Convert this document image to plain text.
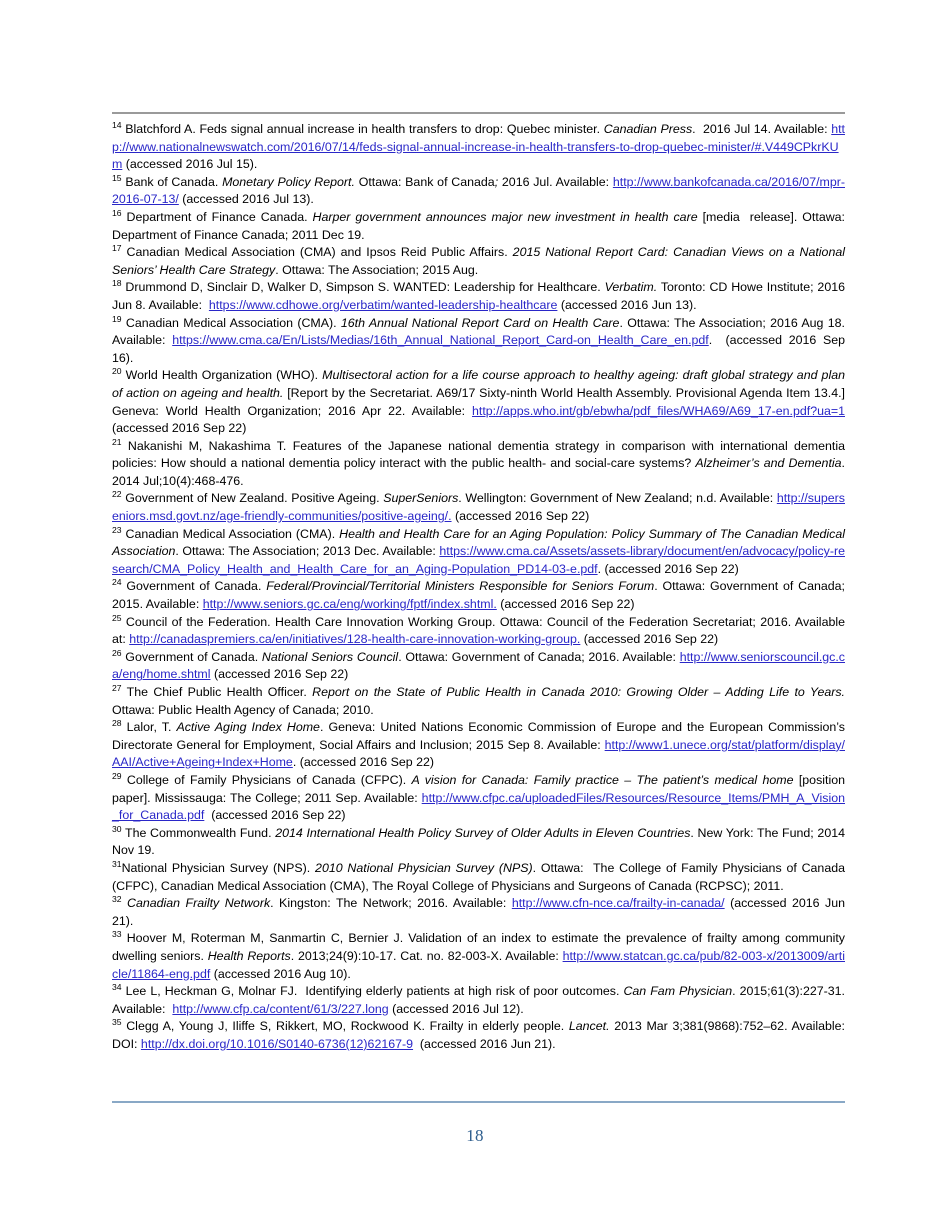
$^{14}$ Blatchford A. Feds signal annual increase in health transfers to drop: Quebec minister. Canadian Press.  2016 Jul 14. Available: http://www.nationalnewswatch.com/2016/07/14/feds-signal-annual-increase-in-health-transfers-to-drop-quebec-minister/#.V449CPkrKUm (accessed 2016 Jul 15).

$^{15}$ Bank of Canada. Monetary Policy Report. Ottawa: Bank of Canada; 2016 Jul. Available: http://www.bankofcanada.ca/2016/07/mpr-2016-07-13/ (accessed 2016 Jul 13).

$^{16}$ Department of Finance Canada. Harper government announces major new investment in health care [media  release]. Ottawa: Department of Finance Canada; 2011 Dec 19.

$^{17}$ Canadian Medical Association (CMA) and Ipsos Reid Public Affairs. 2015 National Report Card: Canadian Views on a National Seniors’ Health Care Strategy. Ottawa: The Association; 2015 Aug.

$^{18}$ Drummond D, Sinclair D, Walker D, Simpson S. WANTED: Leadership for Healthcare. Verbatim. Toronto: CD Howe Institute; 2016 Jun 8. Available:  https://www.cdhowe.org/verbatim/wanted-leadership-healthcare (accessed 2016 Jun 13).

$^{19}$ Canadian Medical Association (CMA). 16th Annual National Report Card on Health Care. Ottawa: The Association; 2016 Aug 18. Available: https://www.cma.ca/En/Lists/Medias/16th_Annual_National_Report_Card-on_Health_Care_en.pdf.  (accessed 2016 Sep 16).

$^{20}$ World Health Organization (WHO). Multisectoral action for a life course approach to healthy ageing: draft global strategy and plan of action on ageing and health. [Report by the Secretariat. A69/17 Sixty-ninth World Health Assembly. Provisional Agenda Item 13.4.] Geneva: World Health Organization; 2016 Apr 22. Available: http://apps.who.int/gb/ebwha/pdf_files/WHA69/A69_17-en.pdf?ua=1 (accessed 2016 Sep 22)

$^{21}$ Nakanishi M, Nakashima T. Features of the Japanese national dementia strategy in comparison with international dementia policies: How should a national dementia policy interact with the public health- and social-care systems? Alzheimer’s and Dementia. 2014 Jul;10(4):468-476.

$^{22}$ Government of New Zealand. Positive Ageing. SuperSeniors. Wellington: Government of New Zealand; n.d. Available: http://superseniors.msd.govt.nz/age-friendly-communities/positive-ageing/. (accessed 2016 Sep 22)

$^{23}$ Canadian Medical Association (CMA). Health and Health Care for an Aging Population: Policy Summary of The Canadian Medical Association. Ottawa: The Association; 2013 Dec. Available: https://www.cma.ca/Assets/assets-library/document/en/advocacy/policy-research/CMA_Policy_Health_and_Health_Care_for_an_Aging-Population_PD14-03-e.pdf. (accessed 2016 Sep 22)

$^{24}$ Government of Canada. Federal/Provincial/Territorial Ministers Responsible for Seniors Forum. Ottawa: Government of Canada; 2015. Available: http://www.seniors.gc.ca/eng/working/fptf/index.shtml. (accessed 2016 Sep 22)

$^{25}$ Council of the Federation. Health Care Innovation Working Group. Ottawa: Council of the Federation Secretariat; 2016. Available at: http://canadaspremiers.ca/en/initiatives/128-health-care-innovation-working-group. (accessed 2016 Sep 22)

$^{26}$ Government of Canada. National Seniors Council. Ottawa: Government of Canada; 2016. Available: http://www.seniorscouncil.gc.ca/eng/home.shtml (accessed 2016 Sep 22)

$^{27}$ The Chief Public Health Officer. Report on the State of Public Health in Canada 2010: Growing Older – Adding Life to Years. Ottawa: Public Health Agency of Canada; 2010.

$^{28}$ Lalor, T. Active Aging Index Home. Geneva: United Nations Economic Commission of Europe and the European Commission’s Directorate General for Employment, Social Affairs and Inclusion; 2015 Sep 8. Available: http://www1.unece.org/stat/platform/display/AAI/Active+Ageing+Index+Home. (accessed 2016 Sep 22)

$^{29}$ College of Family Physicians of Canada (CFPC). A vision for Canada: Family practice – The patient’s medical home [position paper]. Mississauga: The College; 2011 Sep. Available: http://www.cfpc.ca/uploadedFiles/Resources/Resource_Items/PMH_A_Vision_for_Canada.pdf  (accessed 2016 Sep 22)

$^{30}$ The Commonwealth Fund. 2014 International Health Policy Survey of Older Adults in Eleven Countries. New York: The Fund; 2014 Nov 19.

$^{31}$National Physician Survey (NPS). 2010 National Physician Survey (NPS). Ottawa:  The College of Family Physicians of Canada (CFPC), Canadian Medical Association (CMA), The Royal College of Physicians and Surgeons of Canada (RCPSC); 2011.

$^{32}$ Canadian Frailty Network. Kingston: The Network; 2016. Available: http://www.cfn-nce.ca/frailty-in-canada/ (accessed 2016 Jun 21).

$^{33}$ Hoover M, Roterman M, Sanmartin C, Bernier J. Validation of an index to estimate the prevalence of frailty among community dwelling seniors. Health Reports. 2013;24(9):10-17. Cat. no. 82-003-X. Available: http://www.statcan.gc.ca/pub/82-003-x/2013009/article/11864-eng.pdf (accessed 2016 Aug 10).

$^{34}$ Lee L, Heckman G, Molnar FJ.  Identifying elderly patients at high risk of poor outcomes. Can Fam Physician. 2015;61(3):227-31. Available:  http://www.cfp.ca/content/61/3/227.long (accessed 2016 Jul 12).

$^{35}$ Clegg A, Young J, Iliffe S, Rikkert, MO, Rockwood K. Frailty in elderly people. Lancet. 2013 Mar 3;381(9868):752–62. Available: DOI: http://dx.doi.org/10.1016/S0140-6736(12)62167-9  (accessed 2016 Jun 21).

18
